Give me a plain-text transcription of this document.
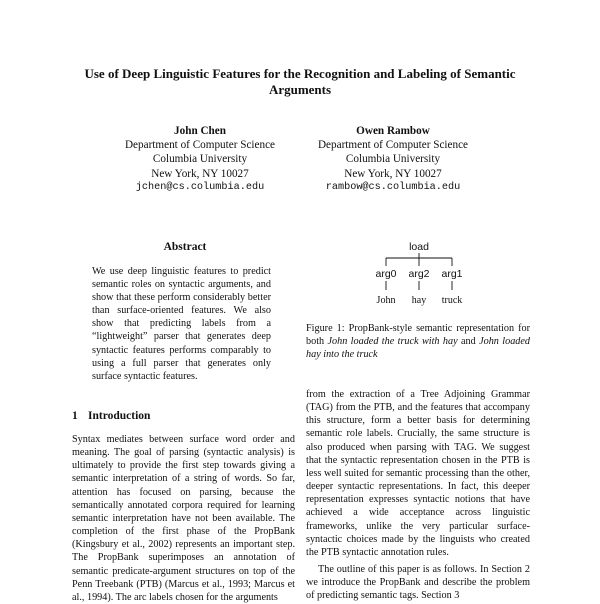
Use of Deep Linguistic Features for the Recognition and Labeling of Semantic Arguments
John Chen
Department of Computer Science
Columbia University
New York, NY 10027
jchen@cs.columbia.edu
Owen Rambow
Department of Computer Science
Columbia University
New York, NY 10027
rambow@cs.columbia.edu
Abstract
We use deep linguistic features to predict semantic roles on syntactic arguments, and show that these perform considerably better than surface-oriented features. We also show that predicting labels from a “lightweight” parser that generates deep syntactic features performs comparably to using a full parser that generates only surface syntactic features.
1 Introduction
Syntax mediates between surface word order and meaning. The goal of parsing (syntactic analysis) is ultimately to provide the first step towards giving a semantic interpretation of a string of words. So far, attention has focused on parsing, because the semantically annotated corpora required for learning semantic interpretation have not been available. The completion of the first phase of the PropBank (Kingsbury et al., 2002) represents an important step. The PropBank superimposes an annotation of semantic predicate-argument structures on top of the Penn Treebank (PTB) (Marcus et al., 1993; Marcus et al., 1994). The arc labels chosen for the arguments
load
arg0 arg2 arg1
John hay truck
Figure 1: PropBank-style semantic representation for both John loaded the truck with hay and John loaded hay into the truck

from the extraction of a Tree Adjoining Grammar (TAG) from the PTB, and the features that accompany this structure, form a better basis for determining semantic role labels. Crucially, the same structure is also produced when parsing with TAG. We suggest that the syntactic representation chosen in the PTB is less well suited for semantic processing than the other, deeper syntactic representations. In fact, this deeper representation expresses syntactic notions that have achieved a wide acceptance across linguistic frameworks, unlike the very particular surface-syntactic choices made by the linguists who created the PTB syntactic annotation rules.

The outline of this paper is as follows. In Section 2 we introduce the PropBank and describe the problem of predicting semantic tags. Section 3
